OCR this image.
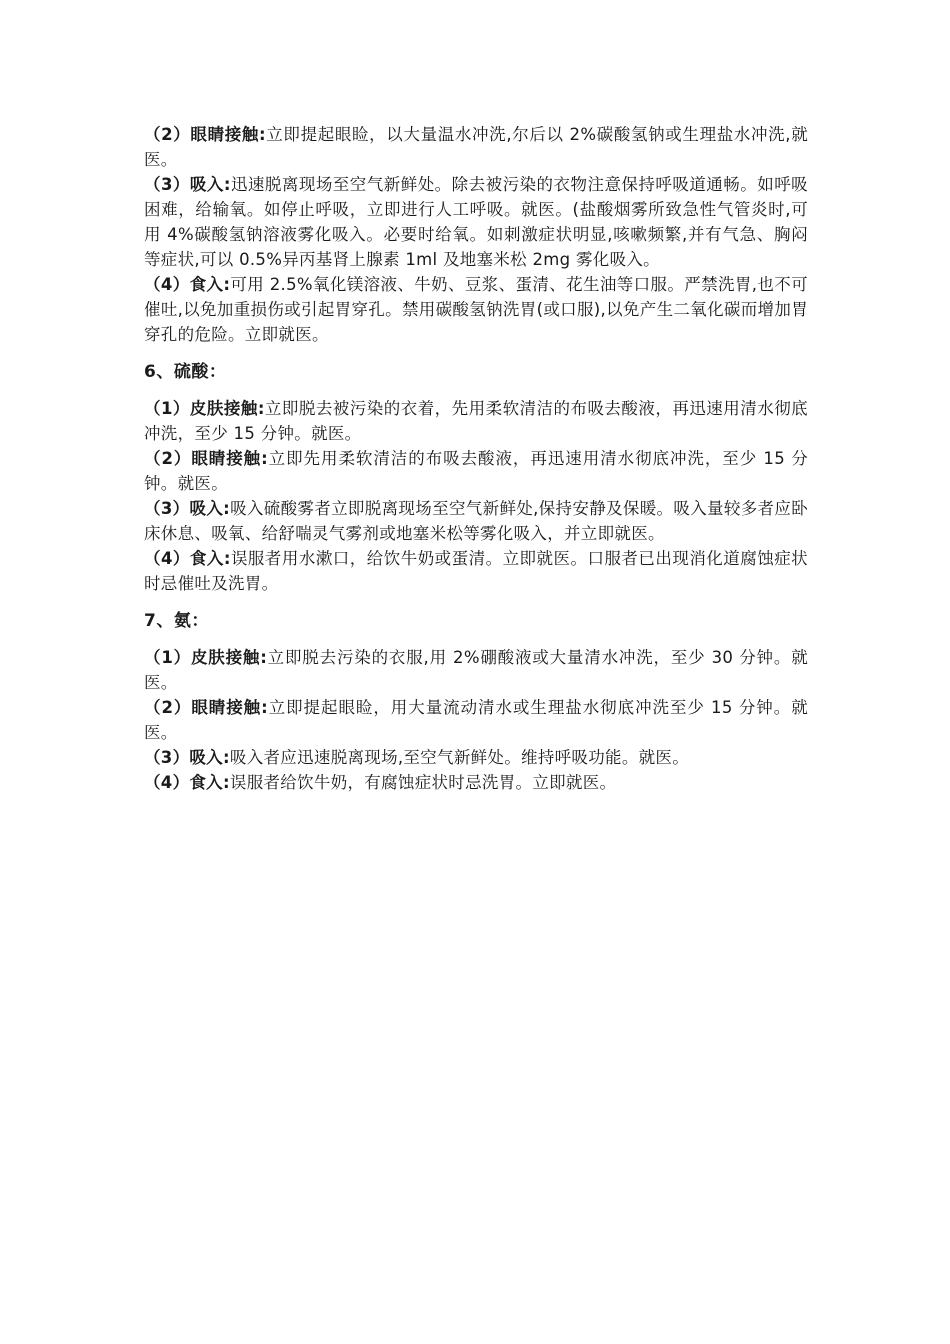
（2）眼睛接触:立即提起眼睑，以大量温水冲洗,尔后以 2%碳酸氢钠或生理盐水冲洗,就医。

（3）吸入:迅速脱离现场至空气新鲜处。除去被污染的衣物注意保持呼吸道通畅。如呼吸困难，给输氧。如停止呼吸，立即进行人工呼吸。就医。(盐酸烟雾所致急性气管炎时,可用 4%碳酸氢钠溶液雾化吸入。必要时给氧。如刺激症状明显,咳嗽频繁,并有气急、胸闷等症状,可以 0.5%异丙基肾上腺素 1ml 及地塞米松 2mg 雾化吸入。

（4）食入:可用 2.5%氧化镁溶液、牛奶、豆浆、蛋清、花生油等口服。严禁洗胃,也不可催吐,以免加重损伤或引起胃穿孔。禁用碳酸氢钠洗胃(或口服),以免产生二氧化碳而增加胃穿孔的危险。立即就医。

6、硫酸：

（1）皮肤接触:立即脱去被污染的衣着，先用柔软清洁的布吸去酸液，再迅速用清水彻底冲洗，至少 15 分钟。就医。

（2）眼睛接触:立即先用柔软清洁的布吸去酸液，再迅速用清水彻底冲洗，至少 15 分钟。就医。

（3）吸入:吸入硫酸雾者立即脱离现场至空气新鲜处,保持安静及保暖。吸入量较多者应卧床休息、吸氧、给舒喘灵气雾剂或地塞米松等雾化吸入，并立即就医。

（4）食入:误服者用水漱口，给饮牛奶或蛋清。立即就医。口服者已出现消化道腐蚀症状时忌催吐及洗胃。

7、氨：

（1）皮肤接触:立即脱去污染的衣服,用 2%硼酸液或大量清水冲洗，至少 30 分钟。就医。

（2）眼睛接触:立即提起眼睑，用大量流动清水或生理盐水彻底冲洗至少 15 分钟。就医。

（3）吸入:吸入者应迅速脱离现场,至空气新鲜处。维持呼吸功能。就医。

（4）食入:误服者给饮牛奶，有腐蚀症状时忌洗胃。立即就医。
